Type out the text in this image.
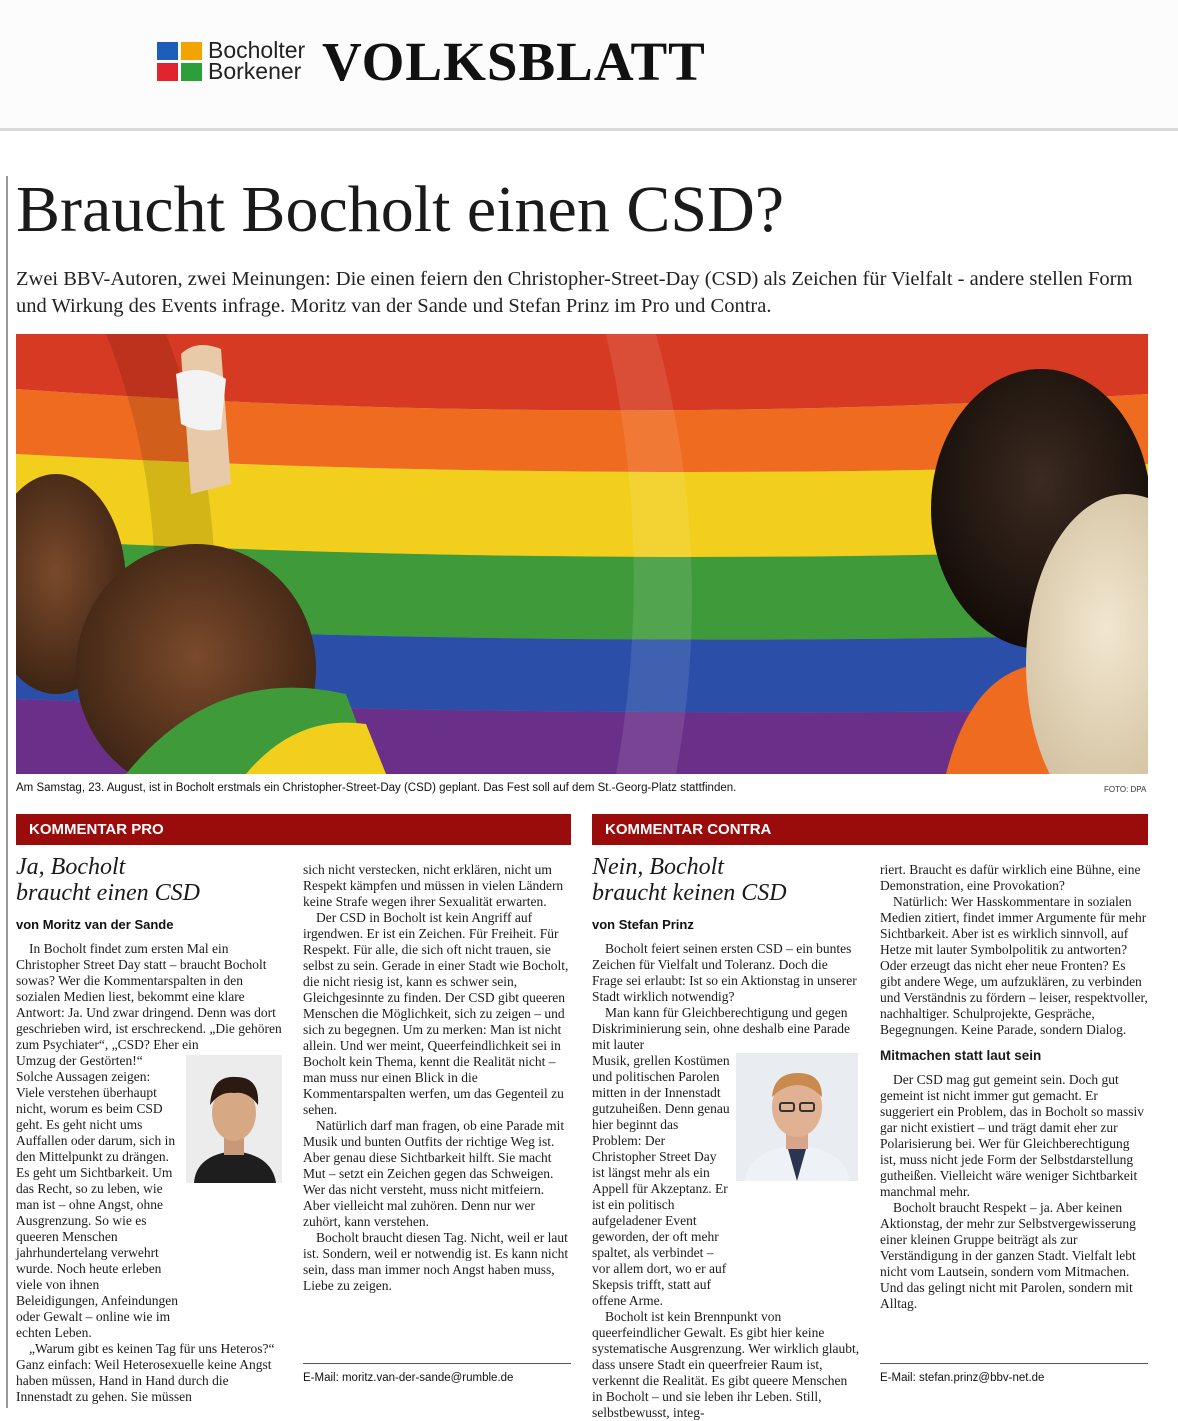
Bocholter
Borkener VOLKSBLATT
Braucht Bocholt einen CSD?

Zwei BBV-Autoren, zwei Meinungen: Die einen feiern den Christopher-Street-Day (CSD) als Zeichen für Vielfalt - andere stellen Form und Wirkung des Events infrage. Moritz van der Sande und Stefan Prinz im Pro und Contra.

Am Samstag, 23. August, ist in Bocholt erstmals ein Christopher-Street-Day (CSD) geplant. Das Fest soll auf dem St.-Georg-Platz stattfinden.	FOTO: DPA
KOMMENTAR PRO
Ja, Bocholt
braucht einen CSD
von Moritz van der Sande

In Bocholt findet zum ersten Mal ein Christopher Street Day statt – braucht Bocholt sowas? Wer die Kommentarspalten in den sozialen Medien liest, bekommt eine klare Antwort: Ja. Und zwar dringend. Denn was dort geschrieben wird, ist erschreckend. „Die gehören zum Psychiater“, „CSD? Eher ein

Umzug der Gestörten!“ Solche Aussagen zeigen: Viele verstehen überhaupt nicht, worum es beim CSD geht. Es geht nicht ums Auffallen oder darum, sich in den Mittelpunkt zu drängen. Es geht um Sichtbarkeit. Um das Recht, so zu leben, wie man ist – ohne Angst, ohne Ausgrenzung. So wie es queeren Menschen jahrhundertelang verwehrt wurde. Noch heute erleben viele von ihnen Beleidigungen, Anfeindungen oder Gewalt – online wie im echten Leben.

„Warum gibt es keinen Tag für uns Heteros?“ Ganz einfach: Weil Heterosexuelle keine Angst haben müssen, Hand in Hand durch die Innenstadt zu gehen. Sie müssen

sich nicht verstecken, nicht erklären, nicht um Respekt kämpfen und müssen in vielen Ländern keine Strafe wegen ihrer Sexualität erwarten.

Der CSD in Bocholt ist kein Angriff auf irgendwen. Er ist ein Zeichen. Für Freiheit. Für Respekt. Für alle, die sich oft nicht trauen, sie selbst zu sein. Gerade in einer Stadt wie Bocholt, die nicht riesig ist, kann es schwer sein, Gleichgesinnte zu finden. Der CSD gibt queeren Menschen die Möglichkeit, sich zu zeigen – und sich zu begegnen. Um zu merken: Man ist nicht allein. Und wer meint, Queerfeindlichkeit sei in Bocholt kein Thema, kennt die Realität nicht – man muss nur einen Blick in die Kommentarspalten werfen, um das Gegenteil zu sehen.

Natürlich darf man fragen, ob eine Parade mit Musik und bunten Outfits der richtige Weg ist. Aber genau diese Sichtbarkeit hilft. Sie macht Mut – setzt ein Zeichen gegen das Schweigen. Wer das nicht versteht, muss nicht mitfeiern. Aber vielleicht mal zuhören. Denn nur wer zuhört, kann verstehen.

Bocholt braucht diesen Tag. Nicht, weil er laut ist. Sondern, weil er notwendig ist. Es kann nicht sein, dass man immer noch Angst haben muss, Liebe zu zeigen.

E-Mail: moritz.van-der-sande@rumble.de
KOMMENTAR CONTRA
Nein, Bocholt
braucht keinen CSD
von Stefan Prinz

Bocholt feiert seinen ersten CSD – ein buntes Zeichen für Vielfalt und Toleranz. Doch die Frage sei erlaubt: Ist so ein Aktionstag in unserer Stadt wirklich notwendig?

Man kann für Gleichberechtigung und gegen Diskriminierung sein, ohne deshalb eine Parade mit lauter

Musik, grellen Kostümen und politischen Parolen mitten in der Innenstadt gutzuheißen. Denn genau hier beginnt das Problem: Der Christopher Street Day ist längst mehr als ein Appell für Akzeptanz. Er ist ein politisch aufgeladener Event geworden, der oft mehr spaltet, als verbindet – vor allem dort, wo er auf Skepsis trifft, statt auf offene Arme.

Bocholt ist kein Brennpunkt von queerfeindlicher Gewalt. Es gibt hier keine systematische Ausgrenzung. Wer wirklich glaubt, dass unsere Stadt ein queerfreier Raum ist, verkennt die Realität. Es gibt queere Menschen in Bocholt – und sie leben ihr Leben. Still, selbstbewusst, integ-

riert. Braucht es dafür wirklich eine Bühne, eine Demonstration, eine Provokation?

Natürlich: Wer Hasskommentare in sozialen Medien zitiert, findet immer Argumente für mehr Sichtbarkeit. Aber ist es wirklich sinnvoll, auf Hetze mit lauter Symbolpolitik zu antworten? Oder erzeugt das nicht eher neue Fronten? Es gibt andere Wege, um aufzuklären, zu verbinden und Verständnis zu fördern – leiser, respektvoller, nachhaltiger. Schulprojekte, Gespräche, Begegnungen. Keine Parade, sondern Dialog.

Mitmachen statt laut sein

Der CSD mag gut gemeint sein. Doch gut gemeint ist nicht immer gut gemacht. Er suggeriert ein Problem, das in Bocholt so massiv gar nicht existiert – und trägt damit eher zur Polarisierung bei. Wer für Gleichberechtigung ist, muss nicht jede Form der Selbstdarstellung gutheißen. Vielleicht wäre weniger Sichtbarkeit manchmal mehr.

Bocholt braucht Respekt – ja. Aber keinen Aktionstag, der mehr zur Selbstvergewisserung einer kleinen Gruppe beiträgt als zur Verständigung in der ganzen Stadt. Vielfalt lebt nicht vom Lautsein, sondern vom Mitmachen. Und das gelingt nicht mit Parolen, sondern mit Alltag.

E-Mail: stefan.prinz@bbv-net.de
